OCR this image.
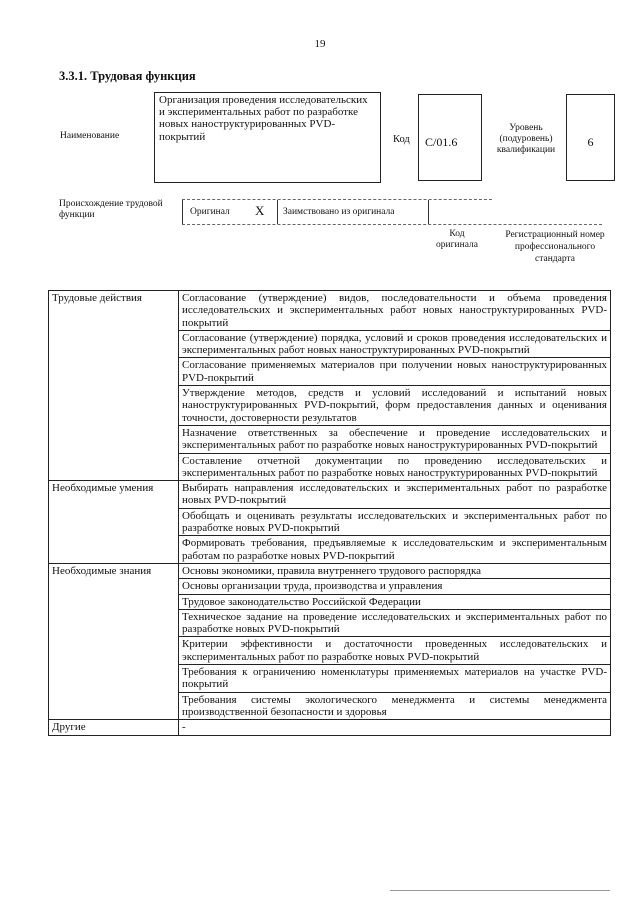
19
3.3.1. Трудовая функция
Наименование
Организация проведения исследовательских и экспериментальных работ по разработке новых наноструктурированных PVD-покрытий	Код C/01.6
Уровень (подуровень) квалификации
6
Происхождение трудовой функции	Оригинал X Заимствовано из оригинала
Код оригинала
Регистрационный номер профессионального стандарта
Трудовые действия	Согласование (утверждение) видов, последовательности и объема проведения исследовательских и экспериментальных работ новых наноструктурированных PVD-покрытий
	Согласование (утверждение) порядка, условий и сроков проведения исследовательских и экспериментальных работ новых наноструктурированных PVD-покрытий
	Согласование применяемых материалов при получении новых наноструктурированных PVD-покрытий
	Утверждение методов, средств и условий исследований и испытаний новых наноструктурированных PVD-покрытий, форм предоставления данных и оценивания точности, достоверности результатов
	Назначение ответственных за обеспечение и проведение исследовательских и экспериментальных работ по разработке новых наноструктурированных PVD-покрытий
	Составление отчетной документации по проведению исследовательских и экспериментальных работ по разработке новых наноструктурированных PVD-покрытий
Необходимые умения	Выбирать направления исследовательских и экспериментальных работ по разработке новых PVD-покрытий
	Обобщать и оценивать результаты исследовательских и экспериментальных работ по разработке новых PVD-покрытий
	Формировать требования, предъявляемые к исследовательским и экспериментальным работам по разработке новых PVD-покрытий
Необходимые знания	Основы экономики, правила внутреннего трудового распорядка
	Основы организации труда, производства и управления
	Трудовое законодательство Российской Федерации
	Техническое задание на проведение исследовательских и экспериментальных работ по разработке новых PVD-покрытий
	Критерии эффективности и достаточности проведенных исследовательских и экспериментальных работ по разработке новых PVD-покрытий
	Требования к ограничению номенклатуры применяемых материалов на участке PVD-покрытий
	Требования системы экологического менеджмента и системы менеджмента производственной безопасности и здоровья
Другие	-
